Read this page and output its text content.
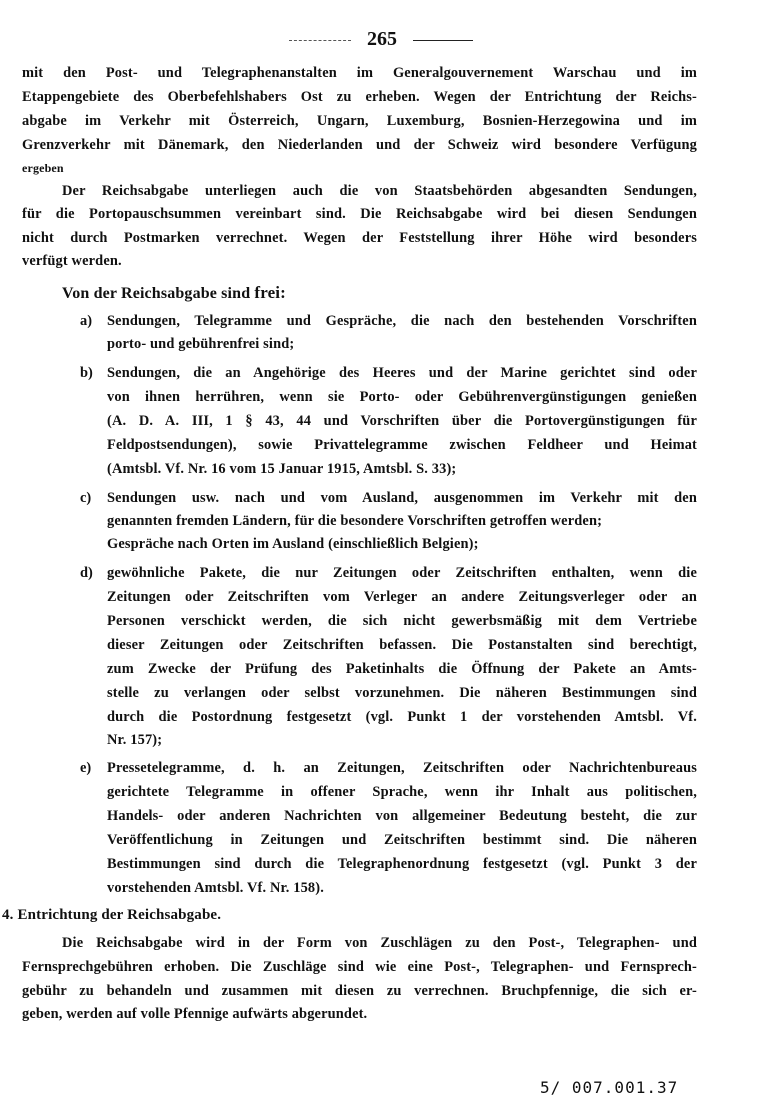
265
mit den Post- und Telegraphenanstalten im Generalgouvernement Warschau und im
Etappengebiete des Oberbefehlshabers Ost zu erheben. Wegen der Entrichtung der Reichs-
abgabe im Verkehr mit Österreich, Ungarn, Luxemburg, Bosnien-Herzegowina und im
Grenzverkehr mit Dänemark, den Niederlanden und der Schweiz wird besondere Verfügung
ergeben
Der Reichsabgabe unterliegen auch die von Staatsbehörden abgesandten Sendungen,
für die Portopauschsummen vereinbart sind. Die Reichsabgabe wird bei diesen Sendungen
nicht durch Postmarken verrechnet. Wegen der Feststellung ihrer Höhe wird besonders
verfügt werden.
Von der Reichsabgabe sind frei:
a) Sendungen, Telegramme und Gespräche, die nach den bestehenden Vorschriften
porto- und gebührenfrei sind;
b) Sendungen, die an Angehörige des Heeres und der Marine gerichtet sind oder
von ihnen herrühren, wenn sie Porto- oder Gebührenvergünstigungen genießen
(A. D. A. III, 1 § 43, 44 und Vorschriften über die Portovergünstigungen für
Feldpostsendungen), sowie Privattelegramme zwischen Feldheer und Heimat
(Amtsbl. Vf. Nr. 16 vom 15 Januar 1915, Amtsbl. S. 33);
c) Sendungen usw. nach und vom Ausland, ausgenommen im Verkehr mit den
genannten fremden Ländern, für die besondere Vorschriften getroffen werden;
Gespräche nach Orten im Ausland (einschließlich Belgien);
d) gewöhnliche Pakete, die nur Zeitungen oder Zeitschriften enthalten, wenn die
Zeitungen oder Zeitschriften vom Verleger an andere Zeitungsverleger oder an
Personen verschickt werden, die sich nicht gewerbsmäßig mit dem Vertriebe
dieser Zeitungen oder Zeitschriften befassen. Die Postanstalten sind berechtigt,
zum Zwecke der Prüfung des Paketinhalts die Öffnung der Pakete an Amts-
stelle zu verlangen oder selbst vorzunehmen. Die näheren Bestimmungen sind
durch die Postordnung festgesetzt (vgl. Punkt 1 der vorstehenden Amtsbl. Vf.
Nr. 157);
e) Pressetelegramme, d. h. an Zeitungen, Zeitschriften oder Nachrichtenbureaus
gerichtete Telegramme in offener Sprache, wenn ihr Inhalt aus politischen,
Handels- oder anderen Nachrichten von allgemeiner Bedeutung besteht, die zur
Veröffentlichung in Zeitungen und Zeitschriften bestimmt sind. Die näheren
Bestimmungen sind durch die Telegraphenordnung festgesetzt (vgl. Punkt 3 der
vorstehenden Amtsbl. Vf. Nr. 158).
4. Entrichtung der Reichsabgabe.
Die Reichsabgabe wird in der Form von Zuschlägen zu den Post-, Telegraphen- und
Fernsprechgebühren erhoben. Die Zuschläge sind wie eine Post-, Telegraphen- und Fernsprech-
gebühr zu behandeln und zusammen mit diesen zu verrechnen. Bruchpfennige, die sich er-
geben, werden auf volle Pfennige aufwärts abgerundet.
5/ 007.001.37
